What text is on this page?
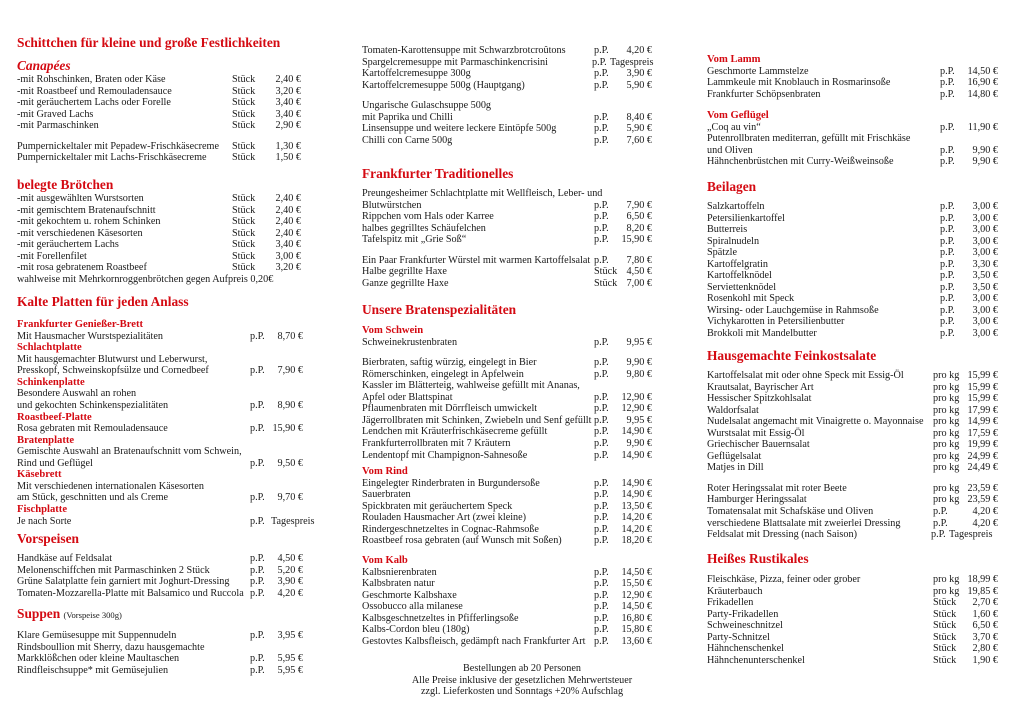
Schittchen für kleine und große Festlichkeiten
Canapées
-mit Rohschinken, Braten oder Käse	Stück	2,40 €
-mit Roastbeef und Remouladensauce	Stück	3,20 €
-mit geräuchertem Lachs oder Forelle	Stück	3,40 €
-mit Graved Lachs	Stück	3,40 €
-mit Parmaschinken	Stück	2,90 €
Pumpernickeltaler mit Pepadew-Frischkäsecreme Stück	1,30 €
Pumpernickeltaler mit Lachs-Frischkäsecreme Stück	1,50 €
belegte Brötchen
-mit ausgewählten Wurstsorten	Stück	2,40 €
-mit gemischtem Bratenaufschnitt	Stück	2,40 €
-mit gekochtem u. rohem Schinken	Stück	2,40 €
-mit verschiedenen Käsesorten	Stück	2,40 €
-mit geräuchertem Lachs	Stück	3,40 €
-mit Forellenfilet	Stück	3,00 €
-mit rosa gebratenem Roastbeef	Stück	3,20 €
wahlweise mit Mehrkornroggenbrötchen gegen Aufpreis 0,20€
Kalte Platten für jeden Anlass
Frankfurter Genießer-Brett
Mit Hausmacher Wurstspezialitäten	p.P.	8,70 €
Schlachtplatte
Mit hausgemachter Blutwurst und Leberwurst,
Presskopf, Schweinskopfsülze und Cornedbeef	p.P.	7,90 €
Schinkenplatte
Besondere Auswahl an rohen
und gekochten Schinkenspezialitäten	p.P.	8,90 €
Roastbeef-Platte
Rosa gebraten mit Remouladensauce	p.P. 15,90 €
Bratenplatte
Gemischte Auswahl an Bratenaufschnitt vom Schwein,
Rind und Geflügel	p.P.	9,50 €
Käsebrett
Mit verschiedenen internationalen Käsesorten
am Stück, geschnitten und als Creme	p.P.	9,70 €
Fischplatte
Je nach Sorte	p.P. Tagespreis
Vorspeisen
Handkäse auf Feldsalat	p.P.	4,50 €
Melonenschiffchen mit Parmaschinken 2 Stück	p.P.	5,20 €
Grüne Salatplatte fein garniert mit Joghurt-Dressing p.P.	3,90 €
Tomaten-Mozzarella-Platte mit Balsamico und Ruccola p.P.	4,20 €
Suppen (Vorspeise 300g)
Klare Gemüsesuppe mit Suppennudeln	p.P.	3,95 €
Rindsboullion mit Sherry, dazu hausgemachte
Markklößchen oder kleine Maultaschen	p.P.	5,95 €
Rindfleischsuppe* mit Gemüsejulien	p.P.	5,95 €
Tomaten-Karottensuppe mit Schwarzbrotcroûtons	p.P.	4,20 €
Spargelcremesuppe mit Parmaschinkencrisini	p.P. Tagespreis
Kartoffelcremesuppe 300g	p.P.	3,90 €
Kartoffelcremesuppe 500g (Hauptgang)	p.P.	5,90 €
Ungarische Gulaschsuppe 500g
mit Paprika und Chilli	p.P.	8,40 €
Linsensuppe und weitere leckere Eintöpfe 500g	p.P.	5,90 €
Chilli con Carne 500g	p.P.	7,60 €
Frankfurter Traditionelles
Preungesheimer Schlachtplatte mit Wellfleisch, Leber- und
Blutwürstchen	p.P.	7,90 €
Rippchen vom Hals oder Karree	p.P.	6,50 €
halbes gegrilltes Schäufelchen	p.P.	8,20 €
Tafelspitz mit „Grie Soß“	p.P.	15,90 €
Ein Paar Frankfurter Würstel mit warmen Kartoffelsalat p.P.	7,80 €
Halbe gegrillte Haxe	Stück 4,50 €
Ganze gegrillte Haxe	Stück 7,00 €
Unsere Bratenspezialitäten
Vom Schwein
Schweinekrustenbraten	p.P.	9,95 €
Bierbraten, saftig würzig, eingelegt in Bier	p.P.	9,90 €
Römerschinken, eingelegt in Apfelwein	p.P.	9,80 €
Kassler im Blätterteig, wahlweise gefüllt mit Ananas,
Apfel oder Blattspinat	p.P.	12,90 €
Pflaumenbraten mit Dörrfleisch umwickelt	p.P.	12,90 €
Jägerrollbraten mit Schinken, Zwiebeln und Senf gefüllt p.P.	9,95 €
Lendchen mit Kräuterfrischkäsecreme gefüllt	p.P.	14,90 €
Frankfurterrollbraten mit 7 Kräutern	p.P.	9,90 €
Lendentopf mit Champignon-Sahnesoße	p.P.	14,90 €
Vom Rind
Eingelegter Rinderbraten in Burgundersoße	p.P.	14,90 €
Sauerbraten	p.P.	14,90 €
Spickbraten mit geräuchertem Speck	p.P.	13,50 €
Rouladen Hausmacher Art (zwei kleine)	p.P.	14,20 €
Rindergeschnetzeltes in Cognac-Rahmsoße	p.P.	14,20 €
Roastbeef rosa gebraten (auf Wunsch mit Soßen)	p.P.	18,20 €
Vom Kalb
Kalbsnierenbraten	p.P.	14,50 €
Kalbsbraten natur	p.P.	15,50 €
Geschmorte Kalbshaxe	p.P.	12,90 €
Ossobucco alla milanese	p.P.	14,50 €
Kalbsgeschnetzeltes in Pfifferlingsoße	p.P.	16,80 €
Kalbs-Cordon bleu (180g)	p.P.	15,80 €
Gestovtes Kalbsfleisch, gedämpft nach Frankfurter Art p.P.	13,60 €
Bestellungen ab 20 Personen
Alle Preise inklusive der gesetzlichen Mehrwertsteuer
zzgl. Lieferkosten und Sonntags +20% Aufschlag
Vom Lamm
Geschmorte Lammstelze	p.P.	14,50 €
Lammkeule mit Knoblauch in Rosmarinsoße	p.P.	16,90 €
Frankfurter Schöpsenbraten	p.P.	14,80 €
Vom Geflügel
„Coq au vin“	p.P.	11,90 €
Putenrollbraten mediterran, gefüllt mit Frischkäse
und Oliven	p.P.	9,90 €
Hähnchenbrüstchen mit Curry-Weißweinsoße	p.P.	9,90 €
Beilagen
Salzkartoffeln	p.P.	3,00 €
Petersilienkartoffel	p.P.	3,00 €
Butterreis	p.P.	3,00 €
Spiralnudeln	p.P.	3,00 €
Spätzle	p.P.	3,00 €
Kartoffelgratin	p.P.	3,30 €
Kartoffelknödel	p.P.	3,50 €
Serviettenknödel	p.P.	3,50 €
Rosenkohl mit Speck	p.P.	3,00 €
Wirsing- oder Lauchgemüse in Rahmsoße	p.P.	3,00 €
Vichykarotten in Petersilienbutter	p.P.	3,00 €
Brokkoli mit Mandelbutter	p.P.	3,00 €
Hausgemachte Feinkostsalate
Kartoffelsalat mit oder ohne Speck mit Essig-Öl	pro kg 15,99 €
Krautsalat, Bayrischer Art	pro kg 15,99 €
Hessischer Spitzkohlsalat	pro kg 15,99 €
Waldorfsalat	pro kg 17,99 €
Nudelsalat angemacht mit Vinaigrette o. Mayonnaise pro kg 14,99 €
Wurstsalat mit Essig-Öl	pro kg 17,59 €
Griechischer Bauernsalat	pro kg 19,99 €
Geflügelsalat	pro kg 24,99 €
Matjes in Dill	pro kg 24,49 €
Roter Heringssalat mit roter Beete	pro kg 23,59 €
Hamburger Heringssalat	pro kg 23,59 €
Tomatensalat mit Schafskäse und Oliven	p.P.	4,20 €
verschiedene Blattsalate mit zweierlei Dressing	p.P.	4,20 €
Feldsalat mit Dressing (nach Saison)	p.P. Tagespreis
Heißes Rustikales
Fleischkäse, Pizza, feiner oder grober	pro kg 18,99 €
Kräuterbauch	pro kg 19,85 €
Frikadellen	Stück	2,70 €
Party-Frikadellen	Stück	1,60 €
Schweineschnitzel	Stück	6,50 €
Party-Schnitzel	Stück	3,70 €
Hähnchenschenkel	Stück	2,80 €
Hähnchenunterschenkel	Stück	1,90 €
